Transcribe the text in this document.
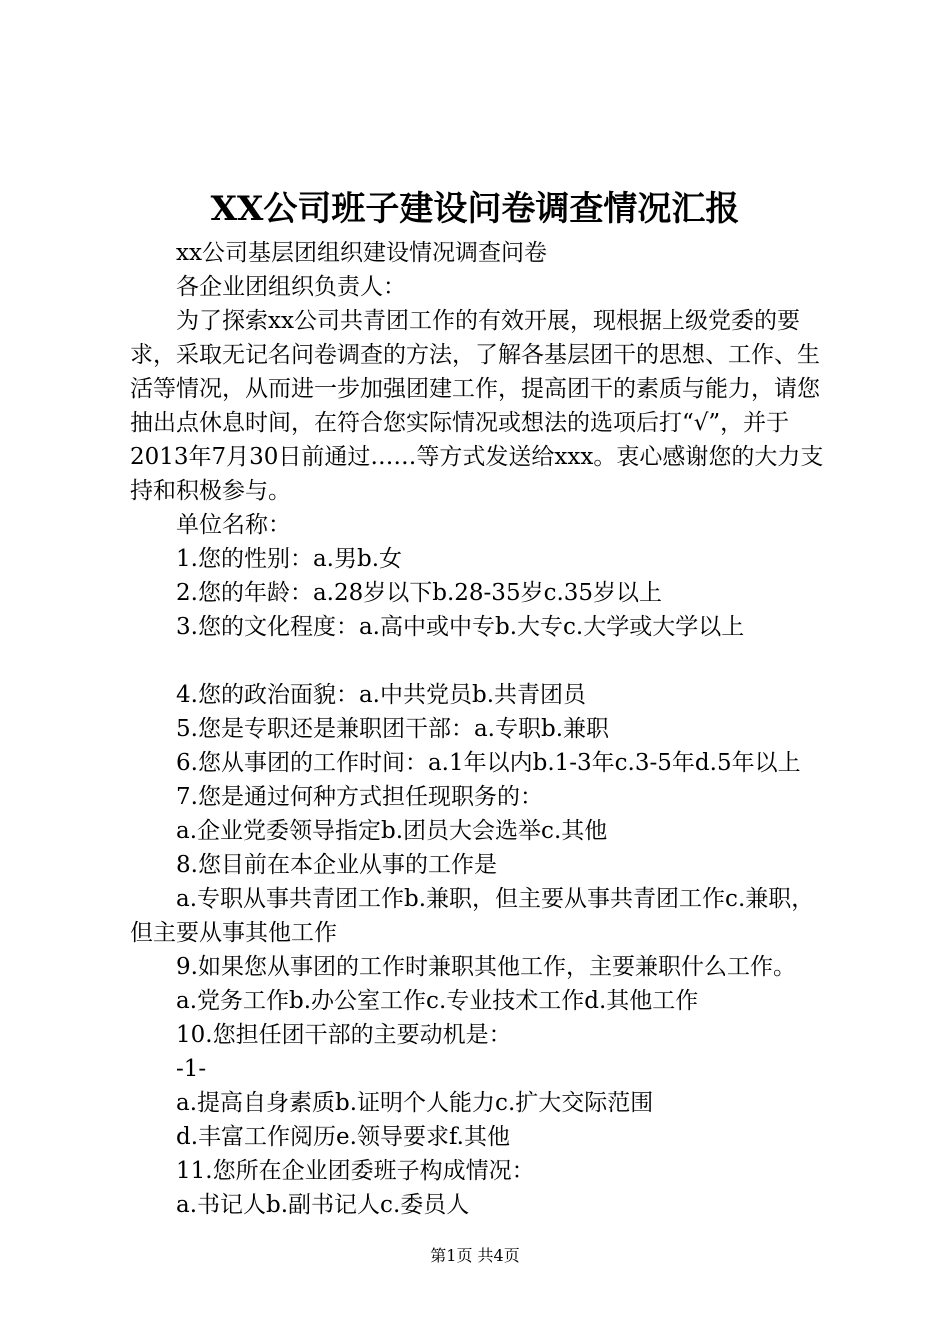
XX公司班子建设问卷调查情况汇报

xx公司基层团组织建设情况调查问卷

各企业团组织负责人：

为了探索xx公司共青团工作的有效开展，现根据上级党委的要求，采取无记名问卷调查的方法，了解各基层团干的思想、工作、生活等情况，从而进一步加强团建工作，提高团干的素质与能力，请您抽出点休息时间，在符合您实际情况或想法的选项后打“√”，并于2013年7月30日前通过……等方式发送给xxx。衷心感谢您的大力支持和积极参与。

单位名称：

1.您的性别：a.男b.女

2.您的年龄：a.28岁以下b.28-35岁c.35岁以上

3.您的文化程度：a.高中或中专b.大专c.大学或大学以上

4.您的政治面貌：a.中共党员b.共青团员

5.您是专职还是兼职团干部：a.专职b.兼职

6.您从事团的工作时间：a.1年以内b.1-3年c.3-5年d.5年以上

7.您是通过何种方式担任现职务的：

a.企业党委领导指定b.团员大会选举c.其他

8.您目前在本企业从事的工作是

a.专职从事共青团工作b.兼职，但主要从事共青团工作c.兼职，但主要从事其他工作

9.如果您从事团的工作时兼职其他工作，主要兼职什么工作。

a.党务工作b.办公室工作c.专业技术工作d.其他工作

10.您担任团干部的主要动机是：

-1-

a.提高自身素质b.证明个人能力c.扩大交际范围

d.丰富工作阅历e.领导要求f.其他

11.您所在企业团委班子构成情况：

a.书记人b.副书记人c.委员人

第1页 共4页
